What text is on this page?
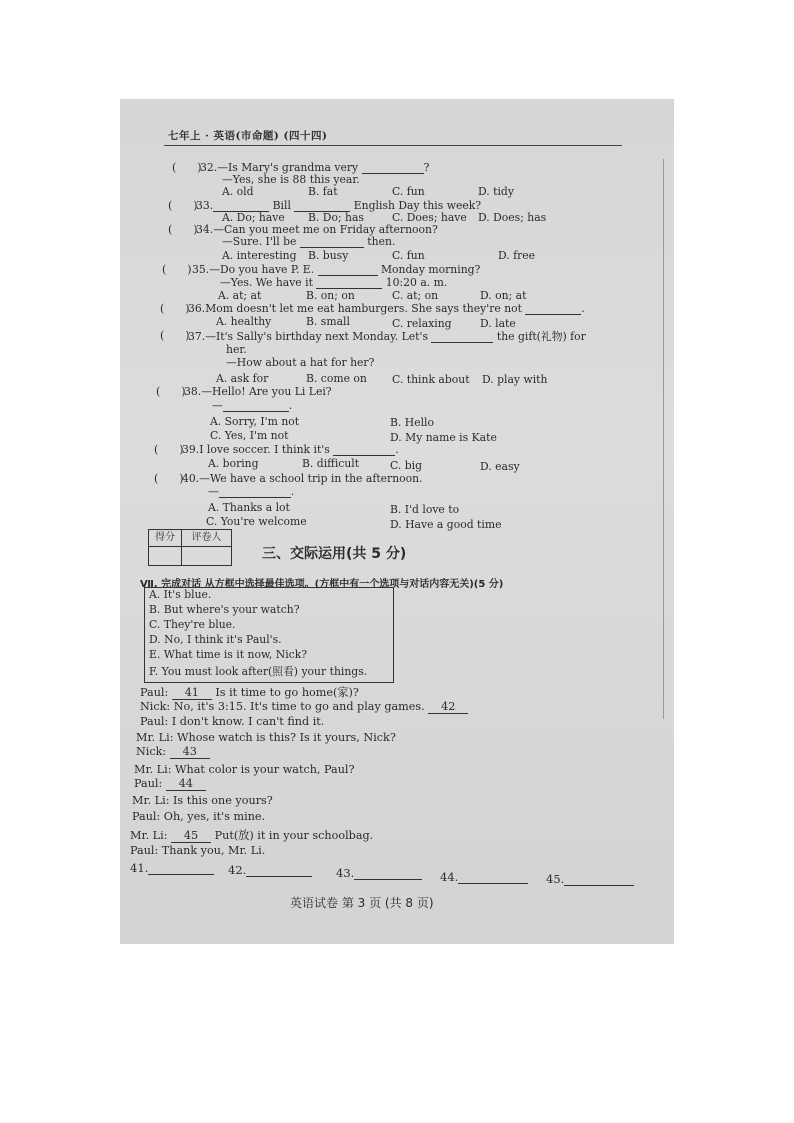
七年上 · 英语(市命题) (四十四)
(      )
32.—Is Mary's grandma very	?
—Yes, she is 88 this year.
A. old	B. fat	C. fun	D. tidy
(      )
33.	Bill	English Day this week?
A. Do; have B. Do; has	C. Does; have D. Does; has
(      )
34.—Can you meet me on Friday afternoon?
—Sure. I'll be	then.
A. interesting B. busy	C. fun	D. free
(      ) 35.—Do you have P. E.	Monday morning?
—Yes. We have it	10:20 a. m.
A. at; at	B. on; on	C. at; on	D. on; at
(      )
36.Mom doesn't let me eat hamburgers. She says they're not	.
A. healthy	B. small	C. relaxing	D. late
(      )
37.—It's Sally's birthday next Monday. Let's	the gift(礼物) for
her.
—How about a hat for her?
A. ask for	B. come on C. think about D. play with
(      )
38.—Hello! Are you Li Lei?
—	.
A. Sorry, I'm not	B. Hello
C. Yes, I'm not	D. My name is Kate
(      )
39.I love soccer. I think it's	.
A. boring	B. difficult	C. big	D. easy
(      )
40.—We have a school trip in the afternoon.
—	.
A. Thanks a lot	B. I'd love to
C. You're welcome	D. Have a good time
得分	评卷人
三、交际运用(共 5 分)
Ⅶ. 完成对话 从方框中选择最佳选项。(方框中有一个选项与对话内容无关)(5 分)
A. It's blue.
B. But where's your watch?
C. They're blue.
D. No, I think it's Paul's.
E. What time is it now, Nick?
F. You must look after(照看) your things.
Paul: 41 Is it time to go home(家)?
Nick: No, it's 3:15. It's time to go and play games. 42
Paul: I don't know. I can't find it.
Mr. Li: Whose watch is this? Is it yours, Nick?
Nick: 43
Mr. Li: What color is your watch, Paul?
Paul: 44
Mr. Li: Is this one yours?
Paul: Oh, yes, it's mine.
Mr. Li: 45 Put(放) it in your schoolbag.
Paul: Thank you, Mr. Li.
41.	42.	43.	44.	45.
英语试卷 第 3 页 (共 8 页)
